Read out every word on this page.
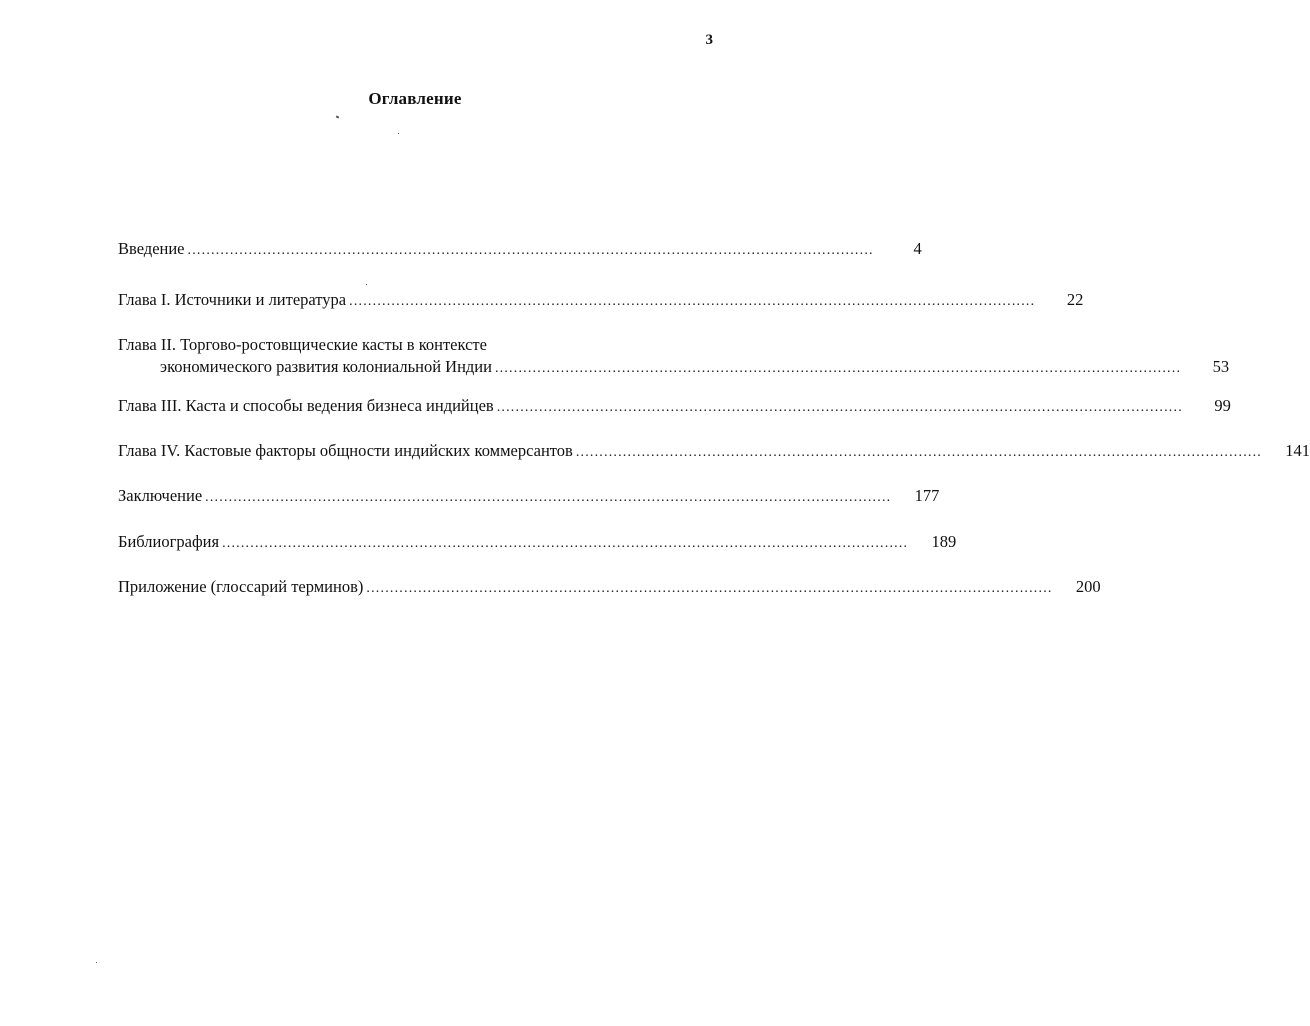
3
Оглавление
Введение ..................................................................................................................................................	4
Глава I. Источники и литература ..................................................................................................................................................	22
Глава II. Торгово-ростовщические касты в контексте
экономического развития колониальной Индии ..................................................................................................................................................	53
Глава III. Каста и способы ведения бизнеса индийцев ..................................................................................................................................................	99
Глава IV. Кастовые факторы общности индийских коммерсантов ..................................................................................................................................................	141
Заключение ..................................................................................................................................................	177
Библиография ..................................................................................................................................................	189
Приложение (глоссарий терминов) ..................................................................................................................................................	200
